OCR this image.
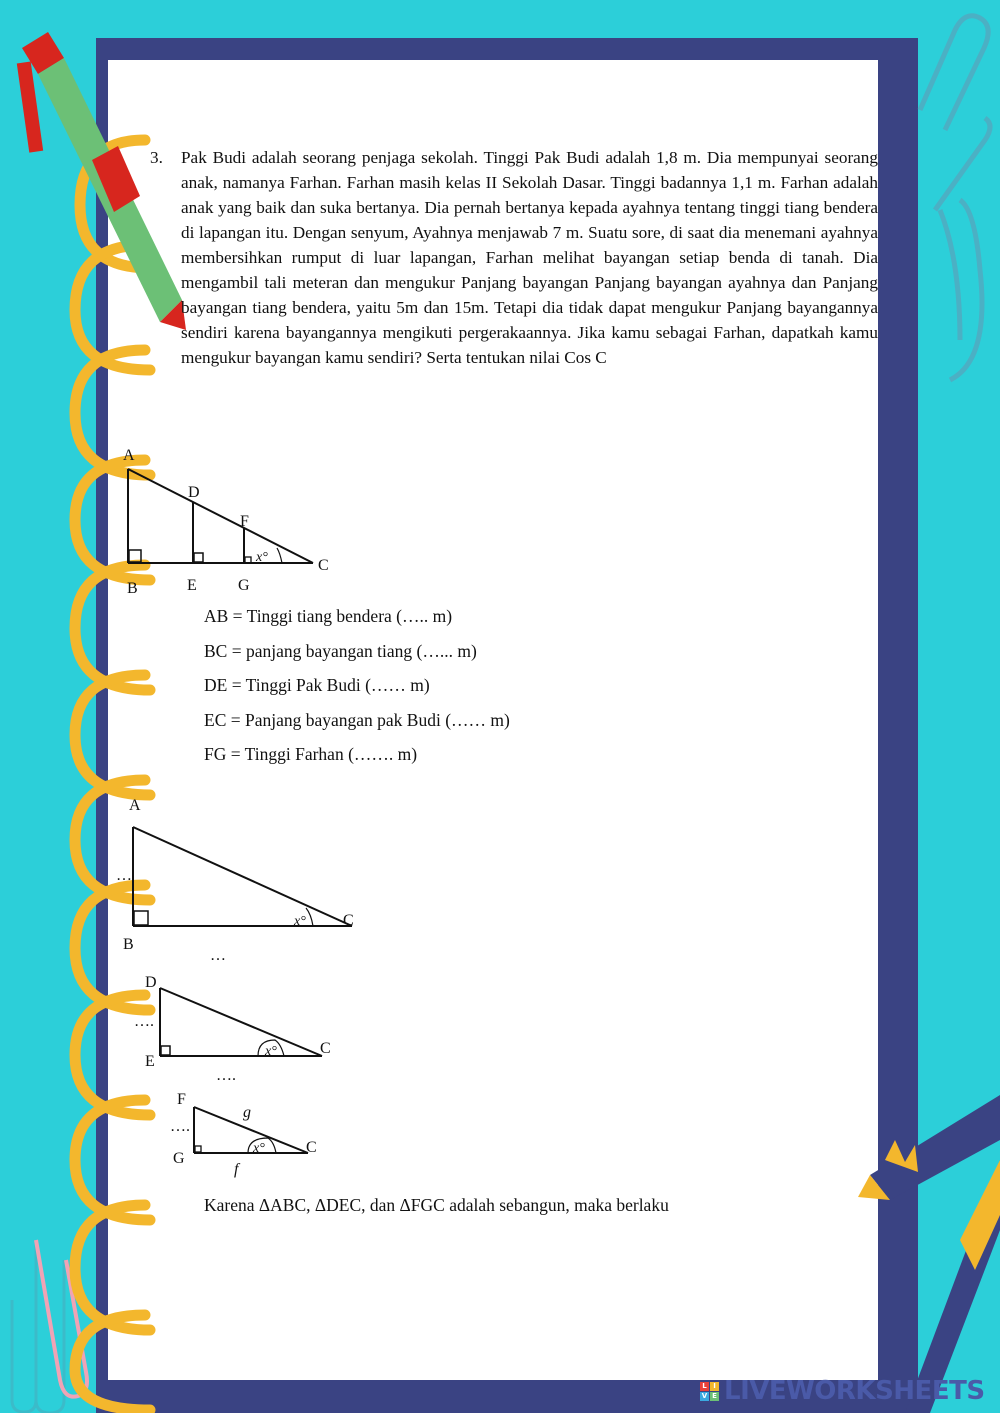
3. Pak Budi adalah seorang penjaga sekolah. Tinggi Pak Budi adalah 1,8 m. Dia mempunyai seorang anak, namanya Farhan. Farhan masih kelas II Sekolah Dasar. Tinggi badannya 1,1 m. Farhan adalah anak yang baik dan suka bertanya. Dia pernah bertanya kepada ayahnya tentang tinggi tiang bendera di lapangan itu. Dengan senyum, Ayahnya menjawab 7 m. Suatu sore, di saat dia menemani ayahnya membersihkan rumput di luar lapangan, Farhan melihat bayangan setiap benda di tanah. Dia mengambil tali meteran dan mengukur Panjang bayangan Panjang bayangan ayahnya dan Panjang bayangan tiang bendera, yaitu 5m dan 15m. Tetapi dia tidak dapat mengukur Panjang bayangannya sendiri karena bayangannya mengikuti pergerakaannya. Jika kamu sebagai Farhan, dapatkah kamu mengukur bayangan kamu sendiri? Serta tentukan nilai Cos C
A
B
C
D
E
F
G
x°
A
B
C
…
…
x°
D
E
C
….
….
x°
F
G
C
….
g
f
x°
AB = Tinggi tiang bendera (….. m)
BC = panjang bayangan tiang (…... m)
DE = Tinggi Pak Budi (…… m)
EC = Panjang bayangan pak Budi (…… m)
FG = Tinggi Farhan (……. m)
Karena ΔABC, ΔDEC, dan ΔFGC adalah sebangun, maka berlaku
L I
V E LIVEWORKSHEETS
